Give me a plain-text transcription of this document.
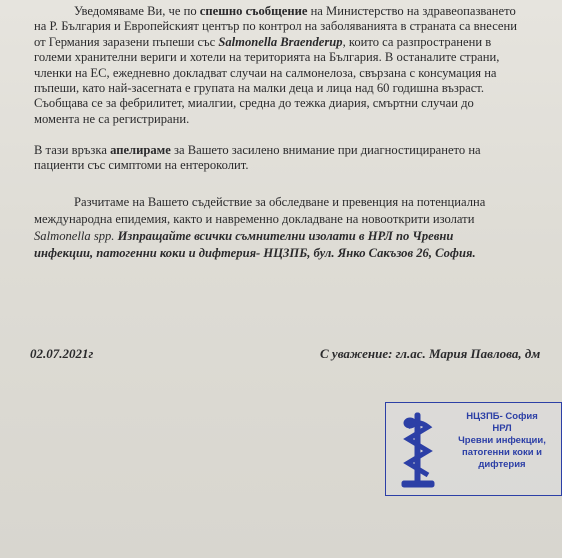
Уведомяваме Ви, че по спешно съобщение на Министерство на здравеопазването
на Р. България и Европейският център по контрол на заболяванията в страната са внесени
от Германия заразени пъпеши със Salmonella Braenderup, които са разпространени в
големи хранителни вериги и хотели на територията на България. В останалите страни,
членки на ЕС, ежедневно докладват случаи на салмонелоза, свързана с консумация на
пъпеши, като най-засегната е групата на малки деца и лица над 60 годишна възраст.
Съобщава се за фебрилитет, миалгии, средна до тежка диария, смъртни случаи до
момента не са регистрирани.
В тази връзка апелираме за Вашето засилено внимание при диагностицирането на
пациенти със симптоми на ентероколит.
Разчитаме на Вашето съдействие за обследване и превенция на потенциална
международна епидемия, както и навременно докладване на новооткрити изолати
Salmonella spp. Изпращайте всички съмнителни изолати в НРЛ по Чревни
инфекции, патогенни коки и дифтерия- НЦЗПБ, бул. Янко Сакъзов 26, София.
02.07.2021г	С уважение: гл.ас. Мария Павлова, дм
НЦЗПБ- София
НРЛ
Чревни инфекции,
патогенни коки и
дифтерия
